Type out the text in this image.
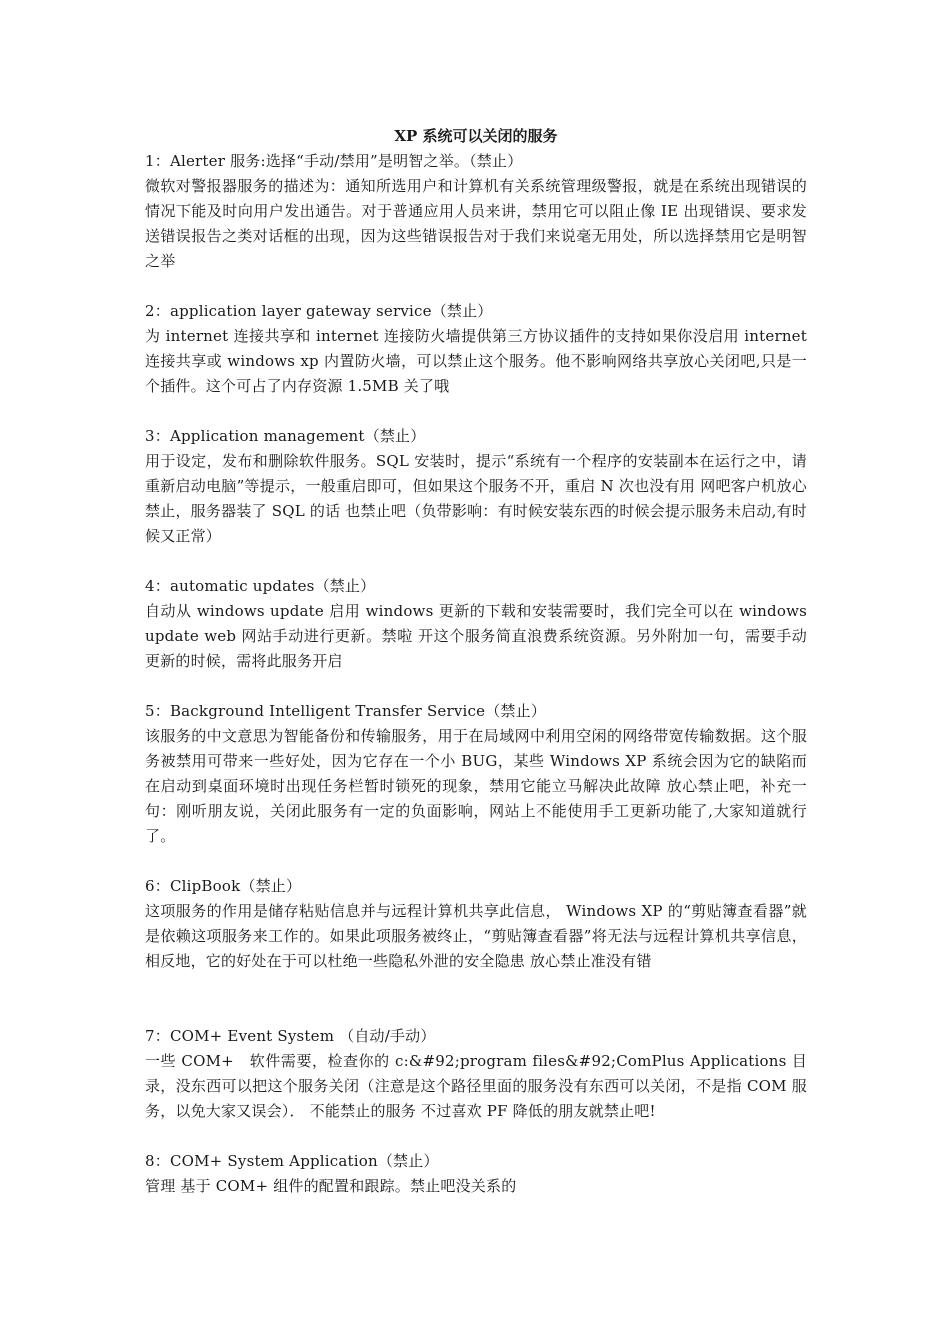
XP 系统可以关闭的服务

1：Alerter 服务:选择“手动/禁用”是明智之举。（禁止）

微软对警报器服务的描述为：通知所选用户和计算机有关系统管理级警报，就是在系统出现错误的情况下能及时向用户发出通告。对于普通应用人员来讲，禁用它可以阻止像 IE 出现错误、要求发送错误报告之类对话框的出现，因为这些错误报告对于我们来说毫无用处，所以选择禁用它是明智之举

2：application layer gateway service（禁止）

为 internet 连接共享和 internet 连接防火墙提供第三方协议插件的支持如果你没启用 internet 连接共享或 windows xp 内置防火墙，可以禁止这个服务。他不影响网络共享放心关闭吧,只是一个插件。这个可占了内存资源 1.5MB 关了哦

3：Application management（禁止）

用于设定，发布和删除软件服务。SQL 安装时，提示“系统有一个程序的安装副本在运行之中，请重新启动电脑”等提示，一般重启即可，但如果这个服务不开，重启 N 次也没有用 网吧客户机放心禁止，服务器装了 SQL 的话 也禁止吧（负带影响：有时候安装东西的时候会提示服务未启动,有时候又正常）

4：automatic updates（禁止）

自动从 windows update 启用 windows 更新的下载和安装需要时，我们完全可以在 windows update web 网站手动进行更新。禁啦 开这个服务简直浪费系统资源。另外附加一句，需要手动更新的时候，需将此服务开启

5：Background Intelligent Transfer Service（禁止）

该服务的中文意思为智能备份和传输服务，用于在局域网中利用空闲的网络带宽传输数据。这个服务被禁用可带来一些好处，因为它存在一个小 BUG，某些 Windows XP 系统会因为它的缺陷而在启动到桌面环境时出现任务栏暂时锁死的现象，禁用它能立马解决此故障 放心禁止吧，补充一句：刚听朋友说，关闭此服务有一定的负面影响，网站上不能使用手工更新功能了,大家知道就行了。

6：ClipBook（禁止）

这项服务的作用是储存粘贴信息并与远程计算机共享此信息， Windows XP 的“剪贴簿查看器”就是依赖这项服务来工作的。如果此项服务被终止，“剪贴簿查看器”将无法与远程计算机共享信息，相反地，它的好处在于可以杜绝一些隐私外泄的安全隐患 放心禁止准没有错

7：COM+ Event System （自动/手动）

一些 COM+　软件需要，检查你的 c:&#92;program files&#92;ComPlus Applications 目录，没东西可以把这个服务关闭（注意是这个路径里面的服务没有东西可以关闭，不是指 COM 服务，以免大家又误会）． 不能禁止的服务 不过喜欢 PF 降低的朋友就禁止吧!

8：COM+ System Application（禁止）

管理 基于 COM+ 组件的配置和跟踪。禁止吧没关系的
